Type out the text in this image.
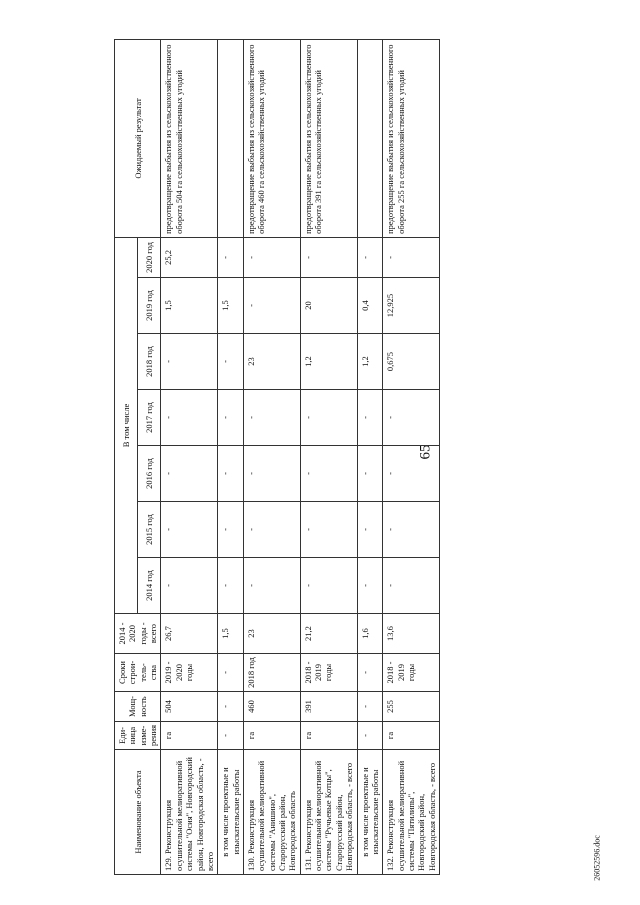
65
26052596.doc
Наименование объекта	Еди-ница изме-рения	Мощ-ность	Сроки строи-тель-ства	2014 - 2020 годы - всего	В том числе							Ожидаемый результат
					2014 год	2015 год	2016 год	2017 год	2018 год	2019 год	2020 год	
129. Реконструкция осушительной мелиоративной системы "Осия", Новгородский район, Новгородская область, - всего	га	504	2019 - 2020 годы	26,7	-	-	-	-	-	1,5	25,2	предотвращение выбытия из сельскохозяйственного оборота 504 га сельскохозяйственных угодий
в том числе проектные и изыскательские работы	-	-	-	1,5	-	-	-	-	-	1,5	-	
130. Реконструкция осушительной мелиоративной системы "Анишино", Старорусский район, Новгородская область	га	460	2018 год	23	-	-	-	-	23	-	-	предотвращение выбытия из сельскохозяйственного оборота 460 га сельскохозяйственных угодий
131. Реконструкция осушительной мелиоративной системы "Ручьевые Котцы", Старорусский район, Новгородская область, - всего	га	391	2018 - 2019 годы	21,2	-	-	-	-	1,2	20	-	предотвращение выбытия из сельскохозяйственного оборота 391 га сельскохозяйственных угодий
в том числе проектные и изыскательские работы	-	-	-	1,6	-	-	-	-	1,2	0,4	-	
132. Реконструкция осушительной мелиоративной системы "Пятилипы", Новгородский район, Новгородская область, - всего	га	255	2018 - 2019 годы	13,6	-	-	-	-	0,675	12,925	-	предотвращение выбытия из сельскохозяйственного оборота 255 га сельскохозяйственных угодий
